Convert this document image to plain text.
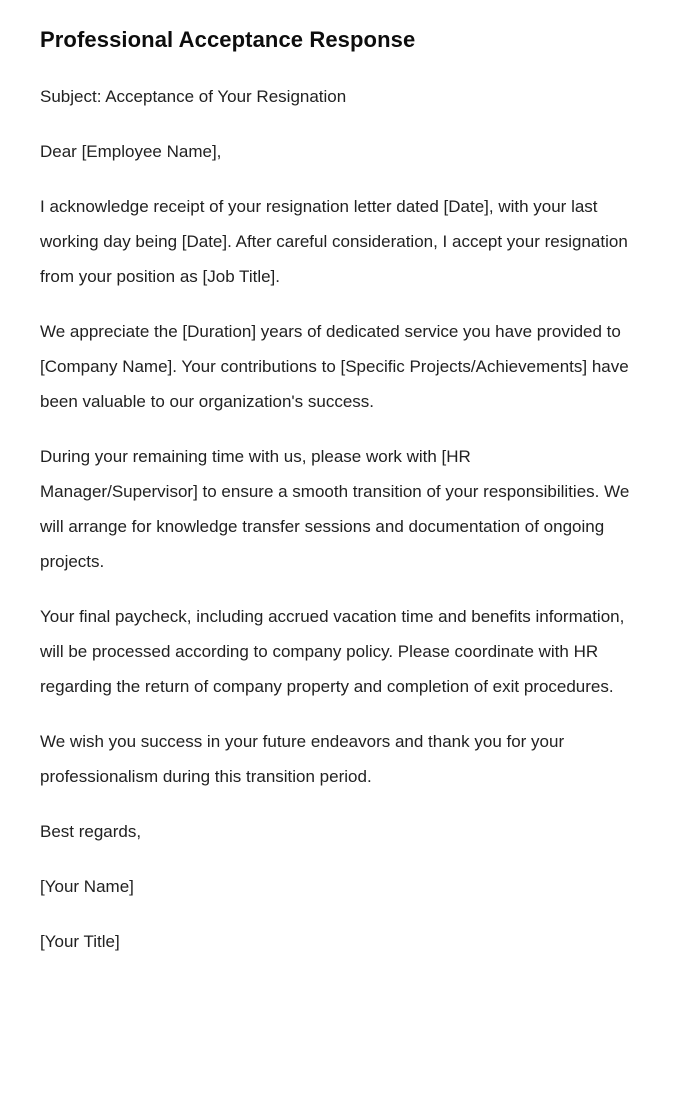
Professional Acceptance Response

Subject: Acceptance of Your Resignation

Dear [Employee Name],

I acknowledge receipt of your resignation letter dated [Date], with your last working day being [Date]. After careful consideration, I accept your resignation from your position as [Job Title].

We appreciate the [Duration] years of dedicated service you have provided to [Company Name]. Your contributions to [Specific Projects/Achievements] have been valuable to our organization's success.

During your remaining time with us, please work with [HR Manager/Supervisor] to ensure a smooth transition of your responsibilities. We will arrange for knowledge transfer sessions and documentation of ongoing projects.

Your final paycheck, including accrued vacation time and benefits information, will be processed according to company policy. Please coordinate with HR regarding the return of company property and completion of exit procedures.

We wish you success in your future endeavors and thank you for your professionalism during this transition period.

Best regards,

[Your Name]

[Your Title]
